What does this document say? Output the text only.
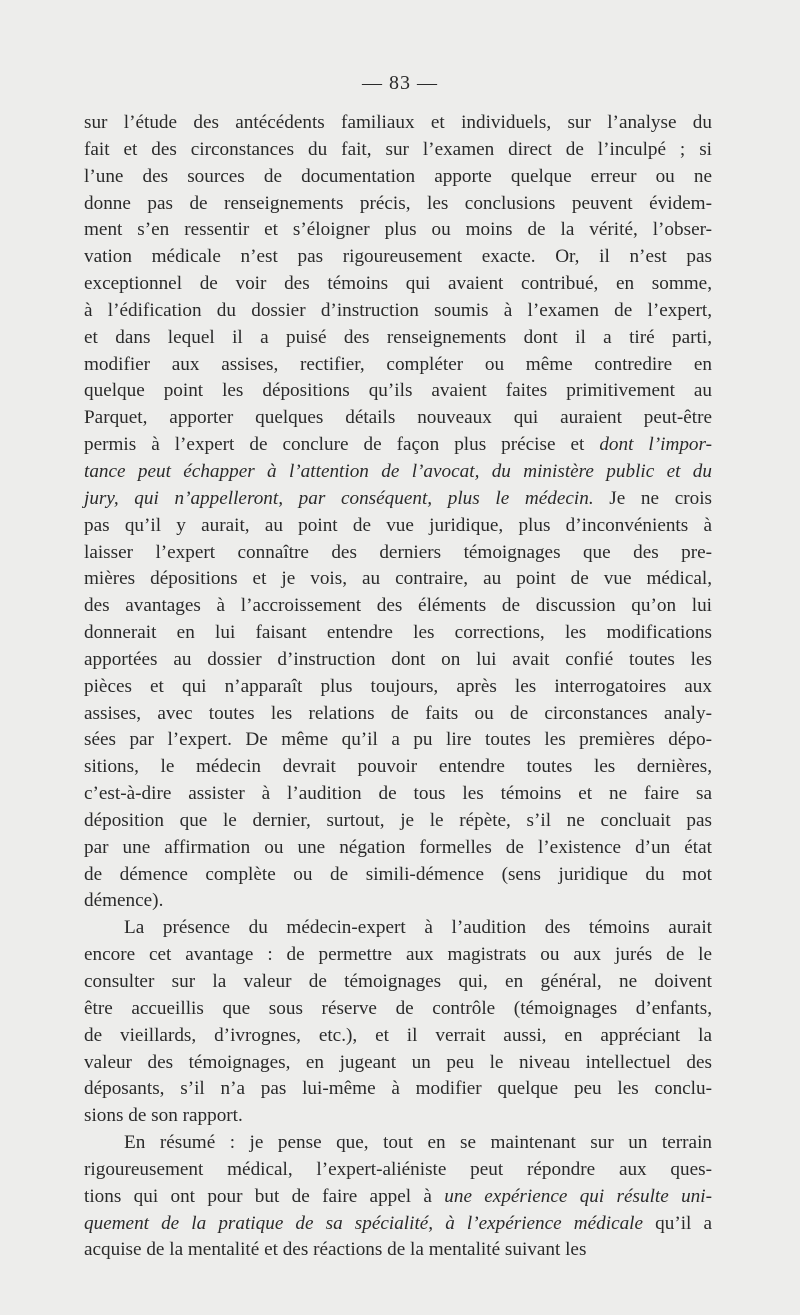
— 83 —
sur l’étude des antécédents familiaux et individuels, sur l’analyse du
fait et des circonstances du fait, sur l’examen direct de l’inculpé ; si
l’une des sources de documentation apporte quelque erreur ou ne
donne pas de renseignements précis, les conclusions peuvent évidem-
ment s’en ressentir et s’éloigner plus ou moins de la vérité, l’obser-
vation médicale n’est pas rigoureusement exacte. Or, il n’est pas
exceptionnel de voir des témoins qui avaient contribué, en somme,
à l’édification du dossier d’instruction soumis à l’examen de l’expert,
et dans lequel il a puisé des renseignements dont il a tiré parti,
modifier aux assises, rectifier, compléter ou même contredire en
quelque point les dépositions qu’ils avaient faites primitivement au
Parquet, apporter quelques détails nouveaux qui auraient peut-être
permis à l’expert de conclure de façon plus précise et dont l’impor-
tance peut échapper à l’attention de l’avocat, du ministère public et du
jury, qui n’appelleront, par conséquent, plus le médecin. Je ne crois
pas qu’il y aurait, au point de vue juridique, plus d’inconvénients à
laisser l’expert connaître des derniers témoignages que des pre-
mières dépositions et je vois, au contraire, au point de vue médical,
des avantages à l’accroissement des éléments de discussion qu’on lui
donnerait en lui faisant entendre les corrections, les modifications
apportées au dossier d’instruction dont on lui avait confié toutes les
pièces et qui n’apparaît plus toujours, après les interrogatoires aux
assises, avec toutes les relations de faits ou de circonstances analy-
sées par l’expert. De même qu’il a pu lire toutes les premières dépo-
sitions, le médecin devrait pouvoir entendre toutes les dernières,
c’est-à-dire assister à l’audition de tous les témoins et ne faire sa
déposition que le dernier, surtout, je le répète, s’il ne concluait pas
par une affirmation ou une négation formelles de l’existence d’un état
de démence complète ou de simili-démence (sens juridique du mot
démence).
La présence du médecin-expert à l’audition des témoins aurait
encore cet avantage : de permettre aux magistrats ou aux jurés de le
consulter sur la valeur de témoignages qui, en général, ne doivent
être accueillis que sous réserve de contrôle (témoignages d’enfants,
de vieillards, d’ivrognes, etc.), et il verrait aussi, en appréciant la
valeur des témoignages, en jugeant un peu le niveau intellectuel des
déposants, s’il n’a pas lui-même à modifier quelque peu les conclu-
sions de son rapport.
En résumé : je pense que, tout en se maintenant sur un terrain
rigoureusement médical, l’expert-aliéniste peut répondre aux ques-
tions qui ont pour but de faire appel à une expérience qui résulte uni-
quement de la pratique de sa spécialité, à l’expérience médicale qu’il a
acquise de la mentalité et des réactions de la mentalité suivant les
